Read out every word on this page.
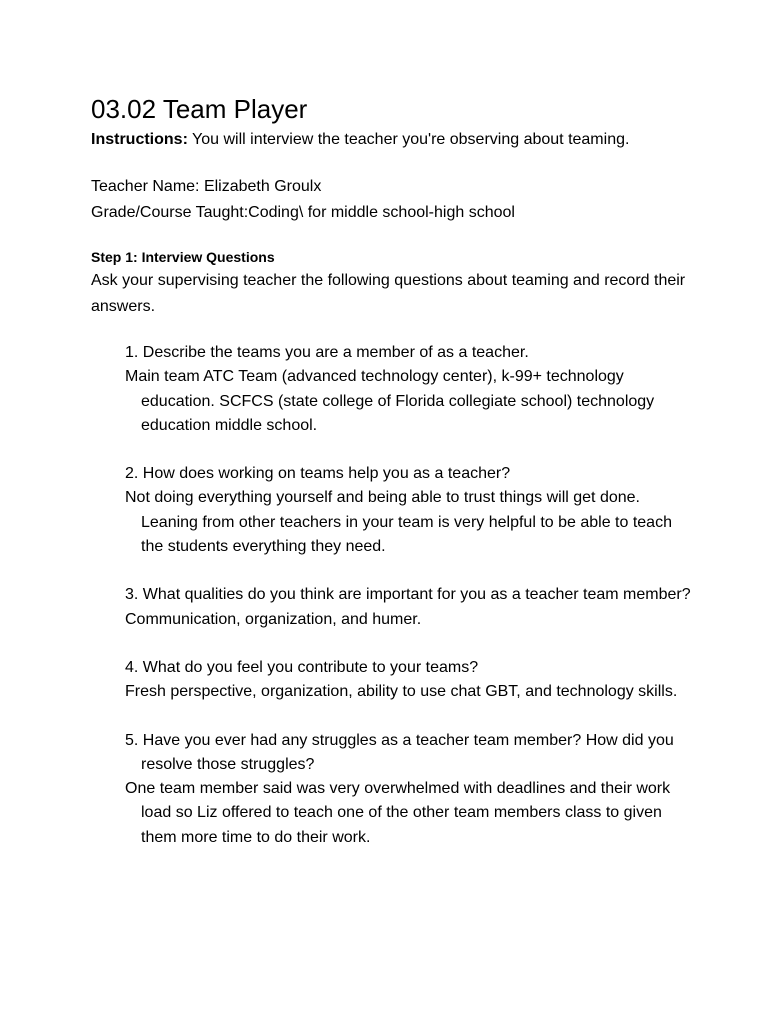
03.02 Team Player
Instructions: You will interview the teacher you're observing about teaming.
Teacher Name: Elizabeth Groulx
Grade/Course Taught:Coding\ for middle school-high school
Step 1: Interview Questions
Ask your supervising teacher the following questions about teaming and record their answers.
1. Describe the teams you are a member of as a teacher.
Main team ATC Team (advanced technology center), k-99+ technology education. SCFCS (state college of Florida collegiate school) technology education middle school.
2. How does working on teams help you as a teacher?
Not doing everything yourself and being able to trust things will get done. Leaning from other teachers in your team is very helpful to be able to teach the students everything they need.
3. What qualities do you think are important for you as a teacher team member?
Communication, organization, and humer.
4. What do you feel you contribute to your teams?
Fresh perspective, organization, ability to use chat GBT, and technology skills.
5. Have you ever had any struggles as a teacher team member? How did you resolve those struggles?
One team member said was very overwhelmed with deadlines and their work load so Liz offered to teach one of the other team members class to given them more time to do their work.
